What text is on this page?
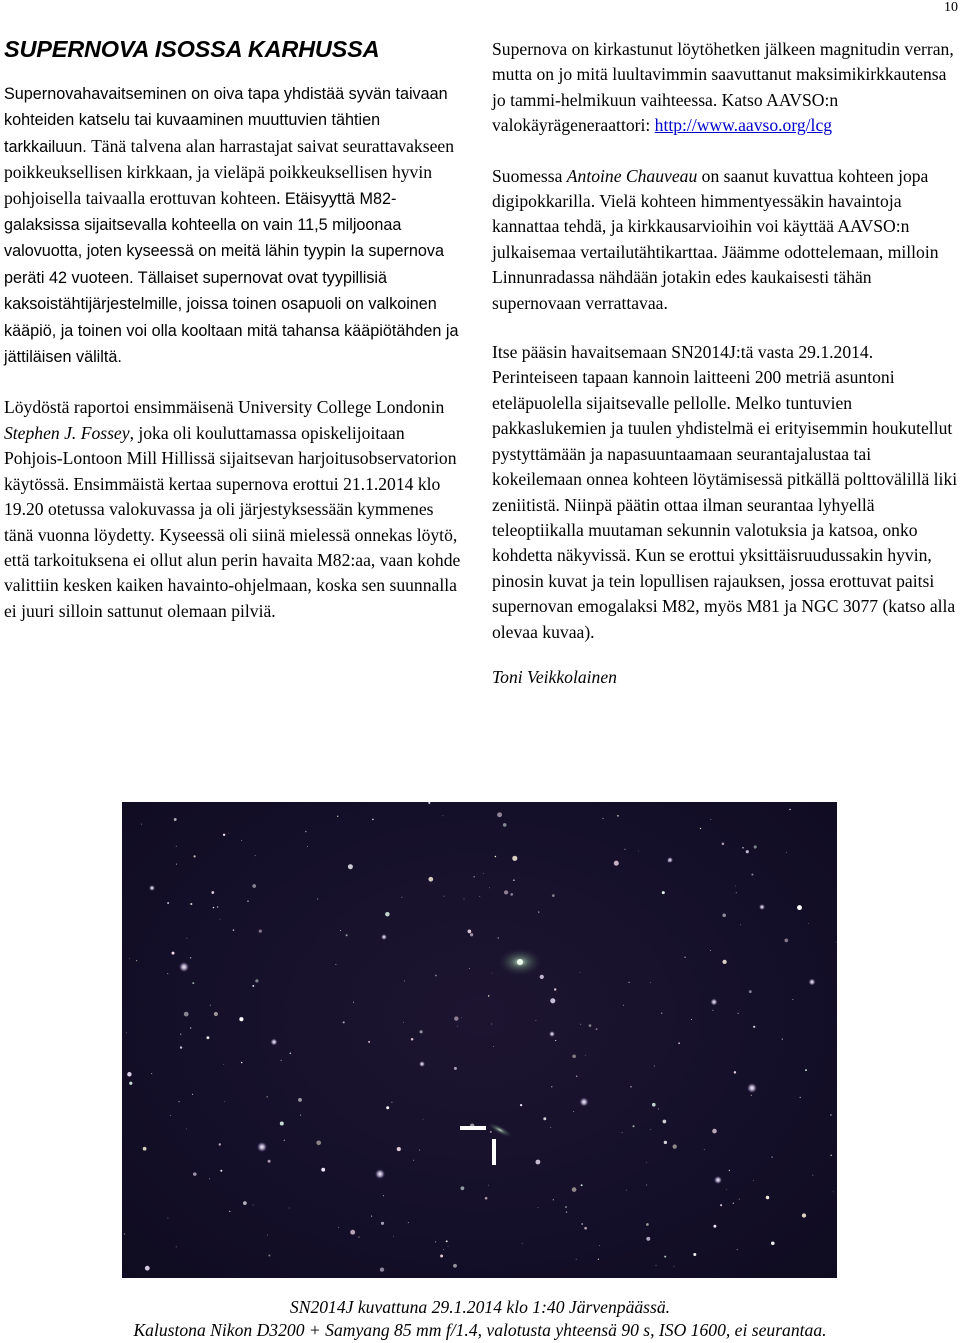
10
SUPERNOVA ISOSSA KARHUSSA

Supernovahavaitseminen on oiva tapa yhdistää syvän taivaan kohteiden katselu tai kuvaaminen muuttuvien tähtien tarkkailuun. Tänä talvena alan harrastajat saivat seurattavakseen poikkeuksellisen kirkkaan, ja vieläpä poikkeuksellisen hyvin pohjoisella taivaalla erottuvan kohteen. Etäisyyttä M82-galaksissa sijaitsevalla kohteella on vain 11,5 miljoonaa valovuotta, joten kyseessä on meitä lähin tyypin Ia supernova peräti 42 vuoteen. Tällaiset supernovat ovat tyypillisiä kaksoistähtijärjestelmille, joissa toinen osapuoli on valkoinen kääpiö, ja toinen voi olla kooltaan mitä tahansa kääpiötähden ja jättiläisen väliltä.

Löydöstä raportoi ensimmäisenä University College Londonin Stephen J. Fossey, joka oli kouluttamassa opiskelijoitaan Pohjois-Lontoon Mill Hillissä sijaitsevan harjoitusobservatorion käytössä. Ensimmäistä kertaa supernova erottui 21.1.2014 klo 19.20 otetussa valokuvassa ja oli järjestyksessään kymmenes tänä vuonna löydetty. Kyseessä oli siinä mielessä onnekas löytö, että tarkoituksena ei ollut alun perin havaita M82:aa, vaan kohde valittiin kesken kaiken havainto-ohjelmaan, koska sen suunnalla ei juuri silloin sattunut olemaan pilviä.

Supernova on kirkastunut löytöhetken jälkeen magnitudin verran, mutta on jo mitä luultavimmin saavuttanut maksimikirkkautensa jo tammi-helmikuun vaihteessa. Katso AAVSO:n valokäyrägeneraattori: http://www.aavso.org/lcg

Suomessa Antoine Chauveau on saanut kuvattua kohteen jopa digipokkarilla. Vielä kohteen himmentyessäkin havaintoja kannattaa tehdä, ja kirkkausarvioihin voi käyttää AAVSO:n julkaisemaa vertailutähtikarttaa. Jäämme odottelemaan, milloin Linnunradassa nähdään jotakin edes kaukaisesti tähän supernovaan verrattavaa.

Itse pääsin havaitsemaan SN2014J:tä vasta 29.1.2014. Perinteiseen tapaan kannoin laitteeni 200 metriä asuntoni eteläpuolella sijaitsevalle pellolle. Melko tuntuvien pakkaslukemien ja tuulen yhdistelmä ei erityisemmin houkutellut pystyttämään ja napasuuntaamaan seurantajalustaa tai kokeilemaan onnea kohteen löytämisessä pitkällä polttovälillä liki zeniitistä. Niinpä päätin ottaa ilman seurantaa lyhyellä teleoptiikalla muutaman sekunnin valotuksia ja katsoa, onko kohdetta näkyvissä. Kun se erottui yksittäisruudussakin hyvin, pinosin kuvat ja tein lopullisen rajauksen, jossa erottuvat paitsi supernovan emogalaksi M82, myös M81 ja NGC 3077 (katso alla olevaa kuvaa).

Toni Veikkolainen
SN2014J kuvattuna 29.1.2014 klo 1:40 Järvenpäässä.
Kalustona Nikon D3200 + Samyang 85 mm f/1.4, valotusta yhteensä 90 s, ISO 1600, ei seurantaa.
